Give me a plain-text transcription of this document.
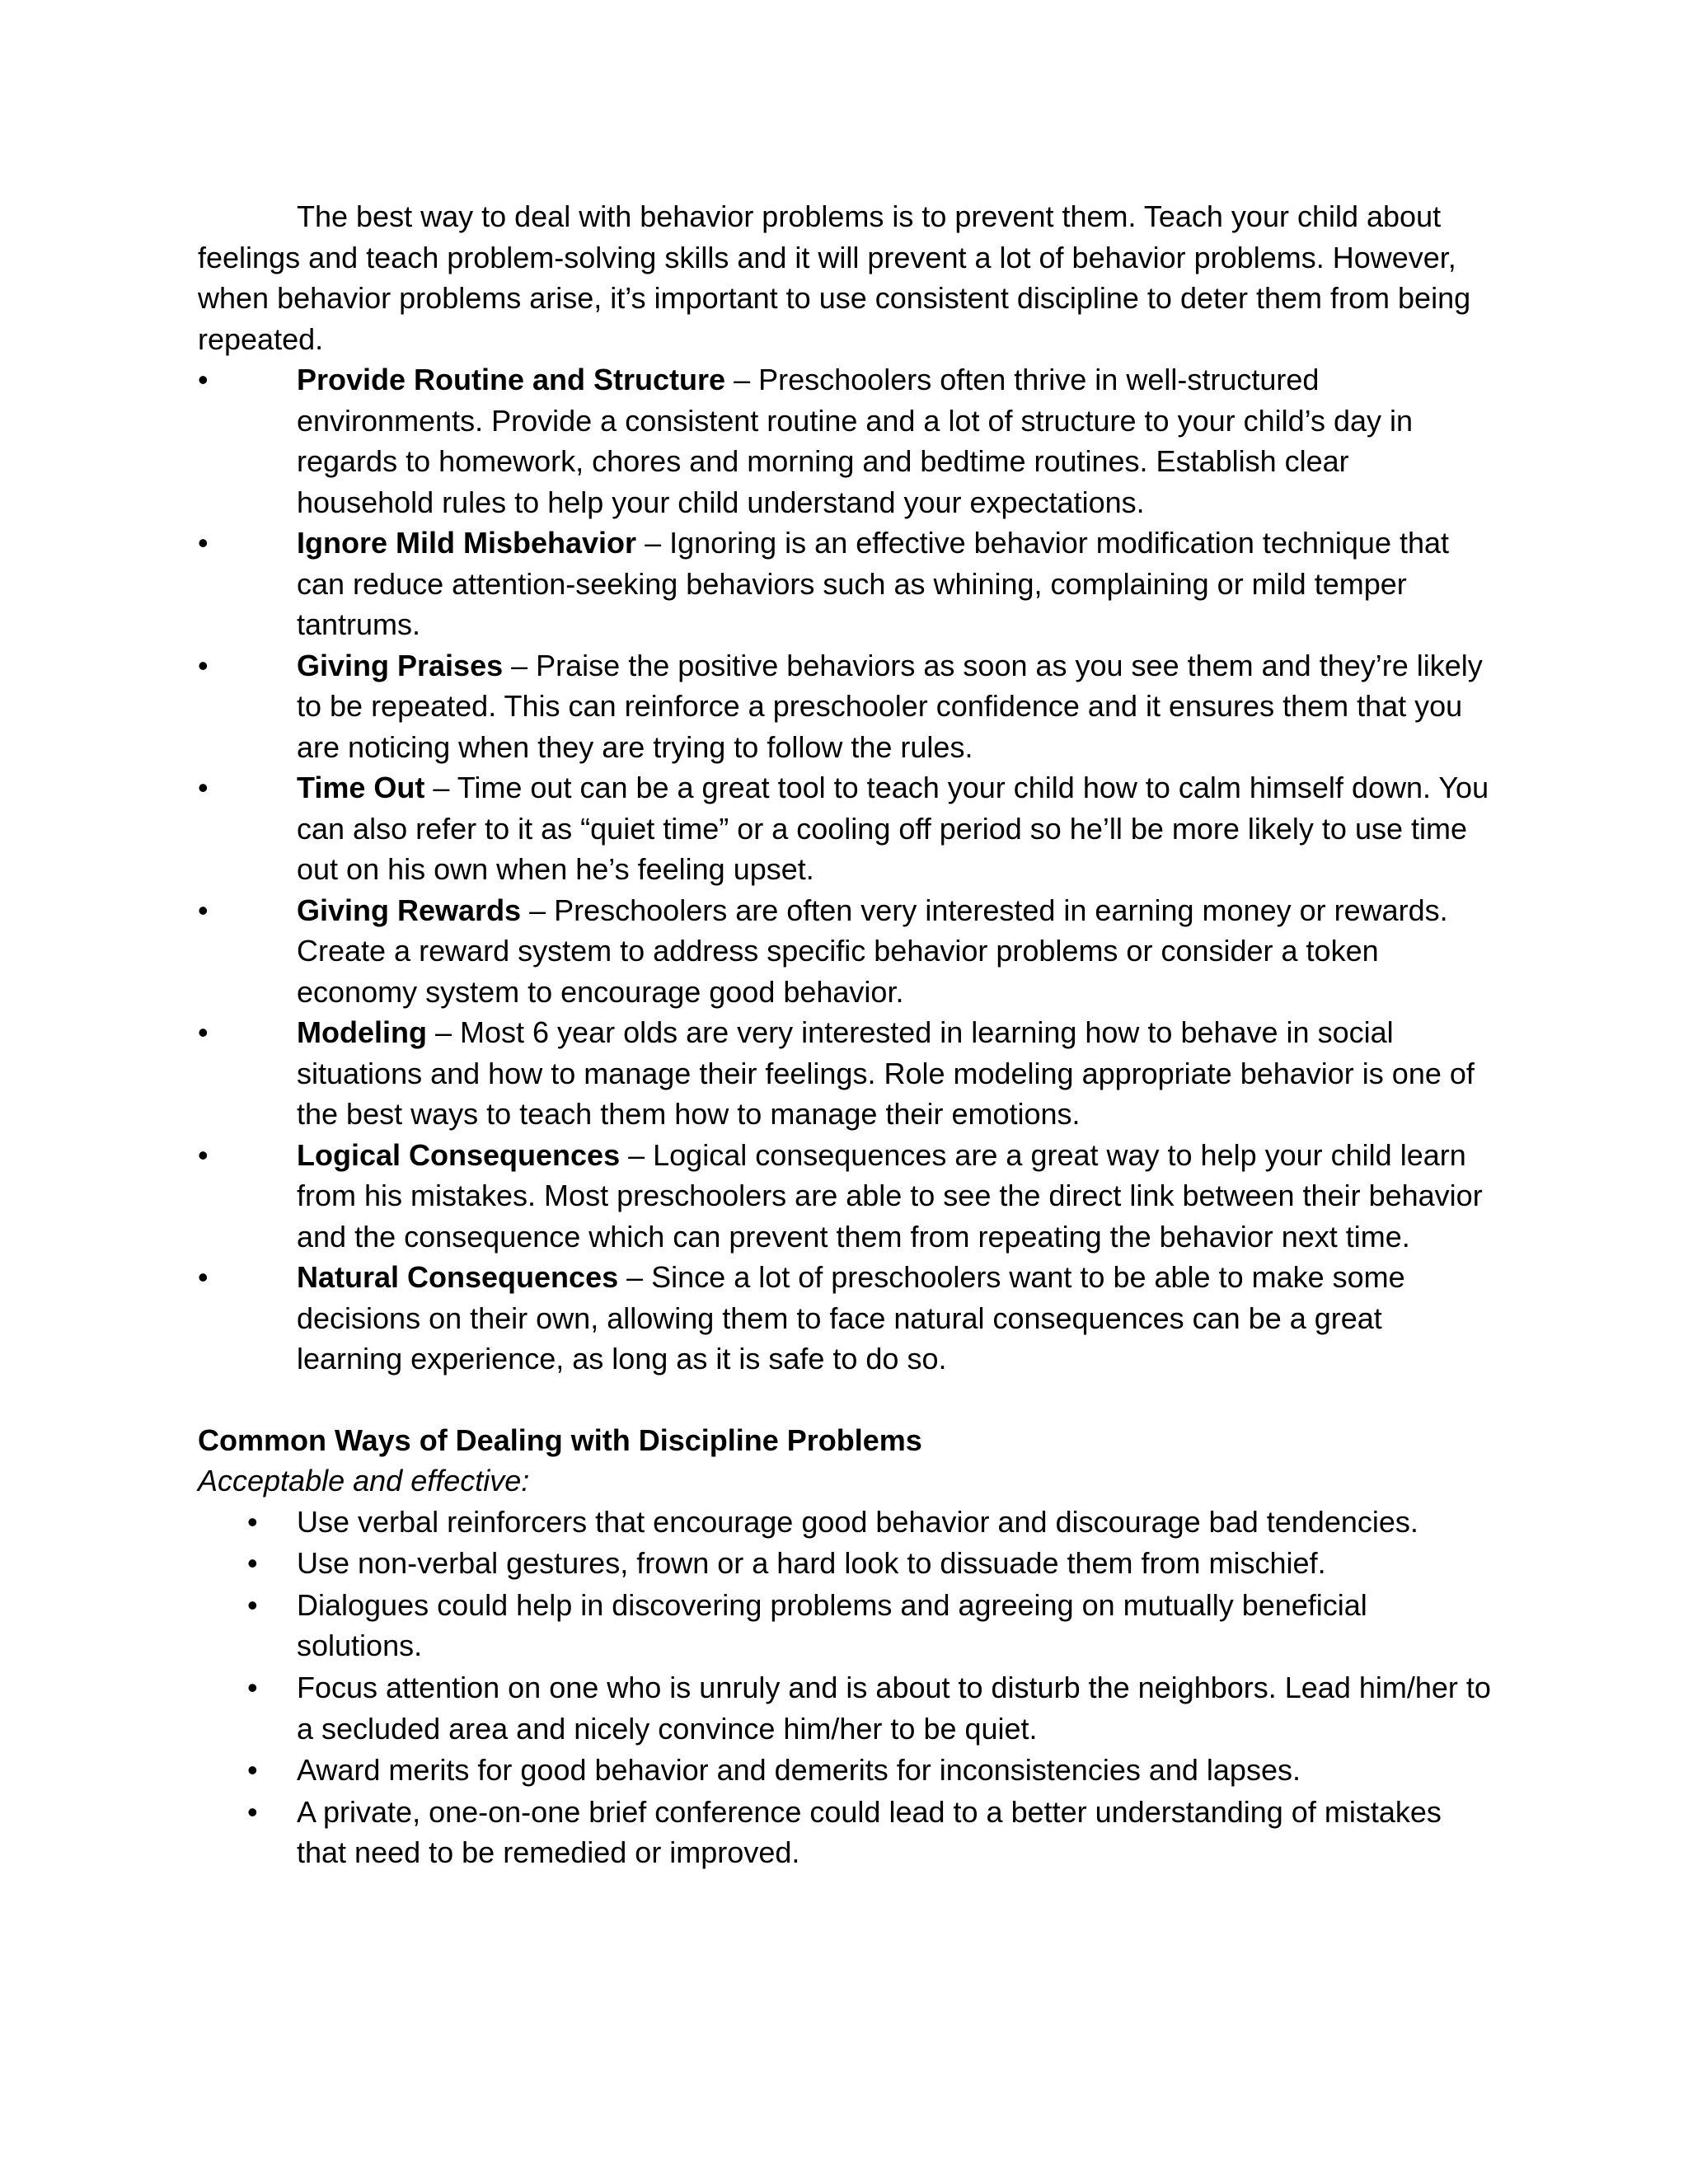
The best way to deal with behavior problems is to prevent them. Teach your child about feelings and teach problem-solving skills and it will prevent a lot of behavior problems. However, when behavior problems arise, it’s important to use consistent discipline to deter them from being repeated.

•	Provide Routine and Structure – Preschoolers often thrive in well-structured environments. Provide a consistent routine and a lot of structure to your child’s day in regards to homework, chores and morning and bedtime routines. Establish clear household rules to help your child understand your expectations.
•	Ignore Mild Misbehavior – Ignoring is an effective behavior modification technique that can reduce attention-seeking behaviors such as whining, complaining or mild temper tantrums.
•	Giving Praises – Praise the positive behaviors as soon as you see them and they’re likely to be repeated. This can reinforce a preschooler confidence and it ensures them that you are noticing when they are trying to follow the rules.
•	Time Out – Time out can be a great tool to teach your child how to calm himself down. You can also refer to it as “quiet time” or a cooling off period so he’ll be more likely to use time out on his own when he’s feeling upset.
•	Giving Rewards – Preschoolers are often very interested in earning money or rewards. Create a reward system to address specific behavior problems or consider a token economy system to encourage good behavior.
•	Modeling – Most 6 year olds are very interested in learning how to behave in social situations and how to manage their feelings. Role modeling appropriate behavior is one of the best ways to teach them how to manage their emotions.
•	Logical Consequences – Logical consequences are a great way to help your child learn from his mistakes. Most preschoolers are able to see the direct link between their behavior and the consequence which can prevent them from repeating the behavior next time.
•	Natural Consequences – Since a lot of preschoolers want to be able to make some decisions on their own, allowing them to face natural consequences can be a great learning experience, as long as it is safe to do so.
Common Ways of Dealing with Discipline Problems

Acceptable and effective:

• Use verbal reinforcers that encourage good behavior and discourage bad tendencies.
• Use non-verbal gestures, frown or a hard look to dissuade them from mischief.
• Dialogues could help in discovering problems and agreeing on mutually beneficial solutions.
• Focus attention on one who is unruly and is about to disturb the neighbors. Lead him/her to a secluded area and nicely convince him/her to be quiet.
• Award merits for good behavior and demerits for inconsistencies and lapses.
• A private, one-on-one brief conference could lead to a better understanding of mistakes that need to be remedied or improved.
